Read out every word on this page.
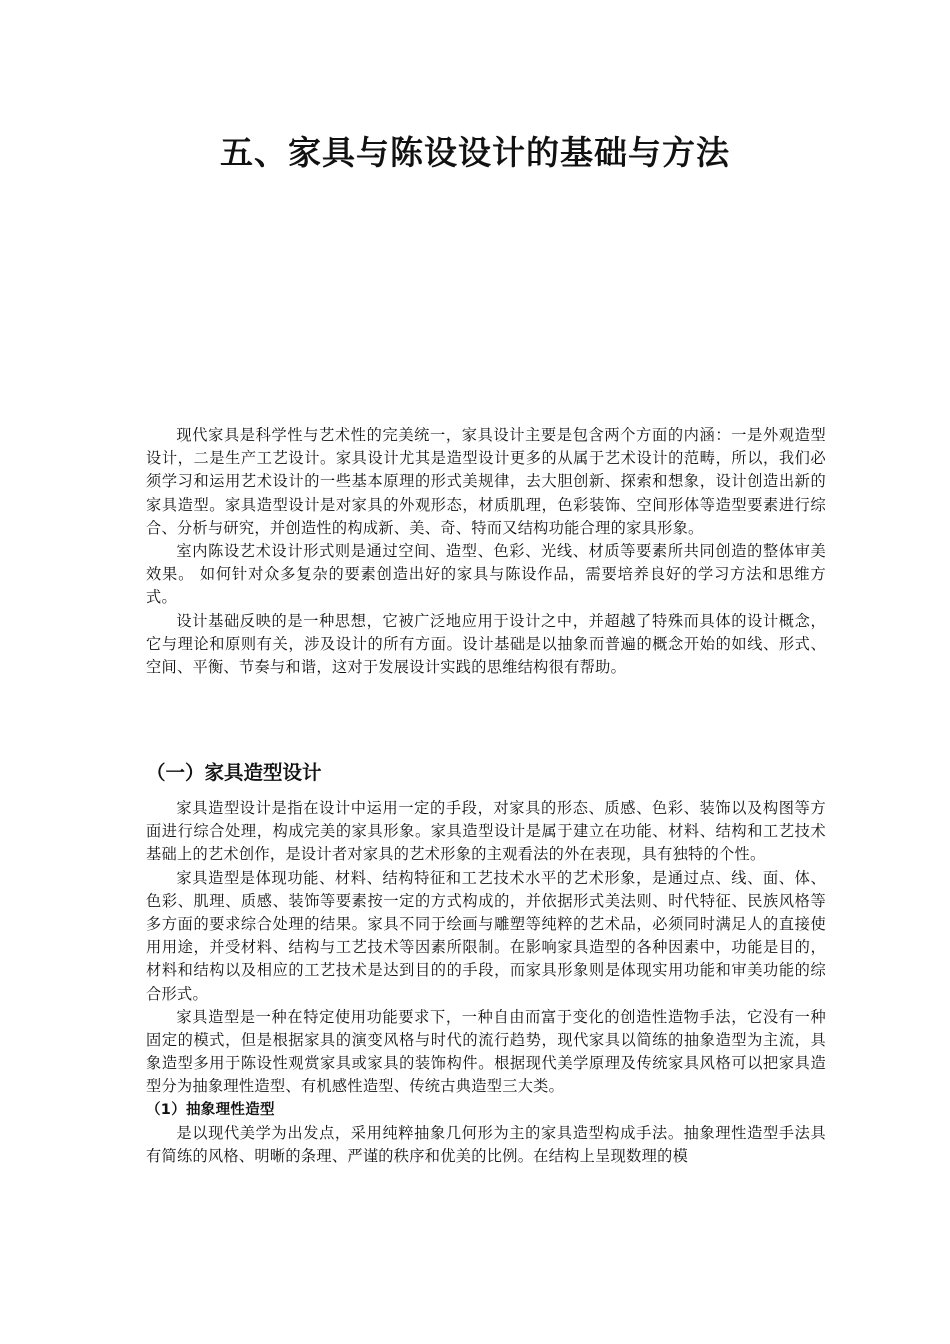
五、家具与陈设设计的基础与方法

现代家具是科学性与艺术性的完美统一，家具设计主要是包含两个方面的内涵：一是外观造型设计，二是生产工艺设计。家具设计尤其是造型设计更多的从属于艺术设计的范畴，所以，我们必须学习和运用艺术设计的一些基本原理的形式美规律，去大胆创新、探索和想象，设计创造出新的家具造型。家具造型设计是对家具的外观形态，材质肌理，色彩装饰、空间形体等造型要素进行综合、分析与研究，并创造性的构成新、美、奇、特而又结构功能合理的家具形象。

室内陈设艺术设计形式则是通过空间、造型、色彩、光线、材质等要素所共同创造的整体审美效果。 如何针对众多复杂的要素创造出好的家具与陈设作品，需要培养良好的学习方法和思维方式。

设计基础反映的是一种思想，它被广泛地应用于设计之中，并超越了特殊而具体的设计概念，它与理论和原则有关，涉及设计的所有方面。设计基础是以抽象而普遍的概念开始的如线、形式、空间、平衡、节奏与和谐，这对于发展设计实践的思维结构很有帮助。

（一）家具造型设计

家具造型设计是指在设计中运用一定的手段，对家具的形态、质感、色彩、装饰以及构图等方面进行综合处理，构成完美的家具形象。家具造型设计是属于建立在功能、材料、结构和工艺技术基础上的艺术创作，是设计者对家具的艺术形象的主观看法的外在表现，具有独特的个性。

家具造型是体现功能、材料、结构特征和工艺技术水平的艺术形象，是通过点、线、面、体、色彩、肌理、质感、装饰等要素按一定的方式构成的，并依据形式美法则、时代特征、民族风格等多方面的要求综合处理的结果。家具不同于绘画与雕塑等纯粹的艺术品，必须同时满足人的直接使用用途，并受材料、结构与工艺技术等因素所限制。在影响家具造型的各种因素中，功能是目的，材料和结构以及相应的工艺技术是达到目的的手段，而家具形象则是体现实用功能和审美功能的综合形式。

家具造型是一种在特定使用功能要求下，一种自由而富于变化的创造性造物手法，它没有一种固定的模式，但是根据家具的演变风格与时代的流行趋势，现代家具以简练的抽象造型为主流，具象造型多用于陈设性观赏家具或家具的装饰构件。根据现代美学原理及传统家具风格可以把家具造型分为抽象理性造型、有机感性造型、传统古典造型三大类。

（1）抽象理性造型

是以现代美学为出发点，采用纯粹抽象几何形为主的家具造型构成手法。抽象理性造型手法具有简练的风格、明晰的条理、严谨的秩序和优美的比例。在结构上呈现数理的模
